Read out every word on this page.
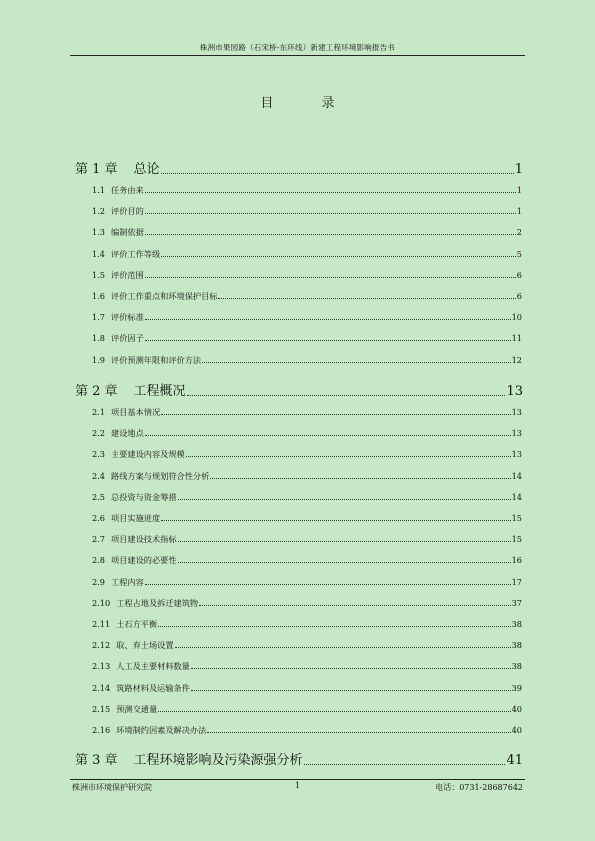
株洲市果园路（石宋桥-东环线）新建工程环境影响报告书
目 录
第 1 章 总论	1
1.1 任务由来	1
1.2 评价目的	1
1.3 编制依据	2
1.4 评价工作等级	5
1.5 评价范围	6
1.6 评价工作重点和环境保护目标	6
1.7 评价标准	10
1.8 评价因子	11
1.9 评价预测年限和评价方法	12
第 2 章 工程概况	13
2.1 项目基本情况	13
2.2 建设地点	13
2.3 主要建设内容及规模	13
2.4 路线方案与规划符合性分析	14
2.5 总投资与资金筹措	14
2.6 项目实施进度	15
2.7 项目建设技术指标	15
2.8 项目建设的必要性	16
2.9 工程内容	17
2.10 工程占地及拆迁建筑物	37
2.11 土石方平衡	38
2.12 取、弃土场设置	38
2.13 人工及主要材料数量	38
2.14 筑路材料及运输条件	39
2.15 预测交通量	40
2.16 环境制约因素及解决办法	40
第 3 章 工程环境影响及污染源强分析	41
株洲市环境保护研究院	1	电话：0731-28687642
